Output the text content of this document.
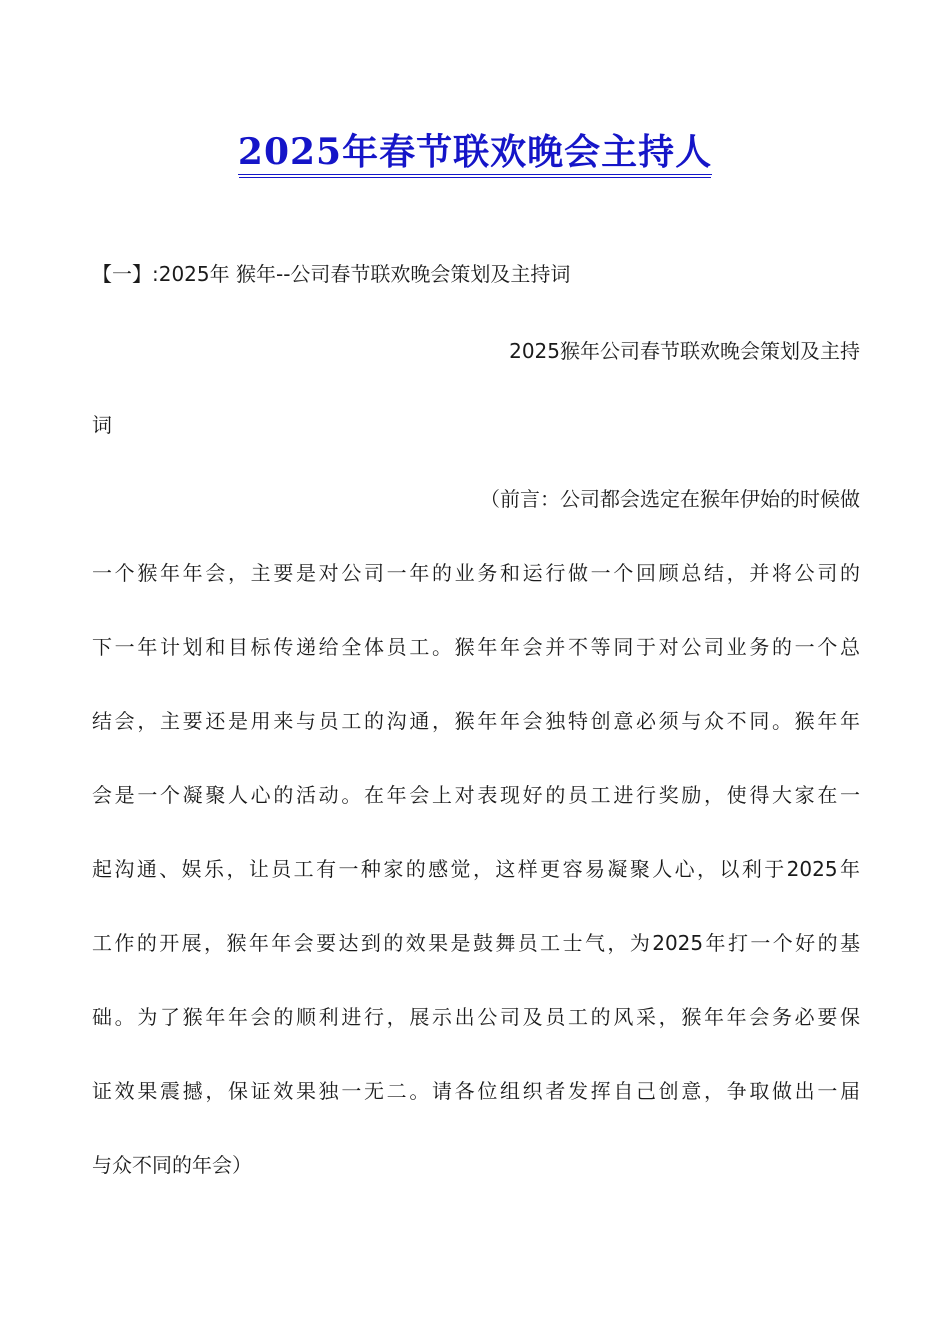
2025年春节联欢晚会主持人

【一】:2025年 猴年--公司春节联欢晚会策划及主持词

2025猴年公司春节联欢晚会策划及主持

词

（前言：公司都会选定在猴年伊始的时候做

一个猴年年会，主要是对公司一年的业务和运行做一个回顾总结，并将公司的

下一年计划和目标传递给全体员工。猴年年会并不等同于对公司业务的一个总

结会，主要还是用来与员工的沟通，猴年年会独特创意必须与众不同。猴年年

会是一个凝聚人心的活动。在年会上对表现好的员工进行奖励，使得大家在一

起沟通、娱乐，让员工有一种家的感觉，这样更容易凝聚人心，以利于2025年

工作的开展，猴年年会要达到的效果是鼓舞员工士气，为2025年打一个好的基

础。为了猴年年会的顺利进行，展示出公司及员工的风采，猴年年会务必要保

证效果震撼，保证效果独一无二。请各位组织者发挥自己创意，争取做出一届

与众不同的年会）
